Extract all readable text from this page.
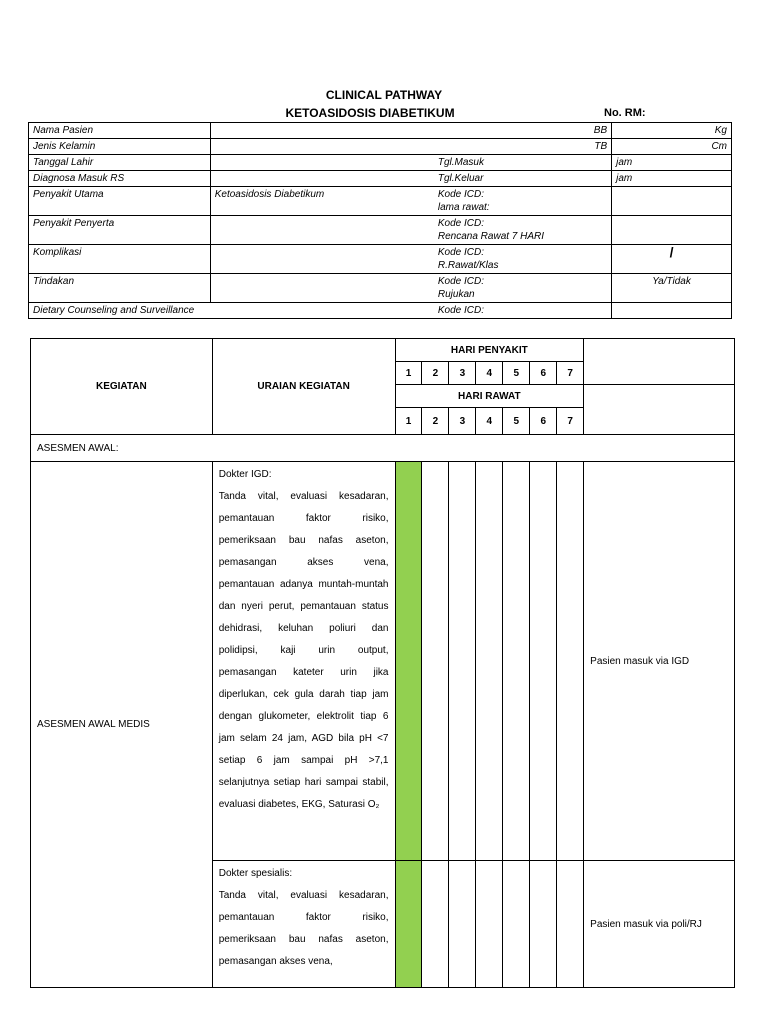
CLINICAL PATHWAY
KETOASIDOSIS DIABETIKUM	No. RM:
Nama Pasien	BB		Kg
Jenis Kelamin	TB		Cm
Tanggal Lahir		Tgl.Masuk	jam
Diagnosa Masuk RS		Tgl.Keluar	jam
Penyakit Utama	Ketoasidosis Diabetikum	Kode ICD:
lama rawat:	
Penyakit Penyerta		Kode ICD:
Rencana Rawat 7 HARI	
Komplikasi		Kode ICD:
R.Rawat/Klas	/
Tindakan		Kode ICD:
Rujukan	Ya/Tidak
Dietary Counseling and Surveillance		Kode ICD:	
KEGIATAN	URAIAN KEGIATAN	HARI PENYAKIT							
		1	2	3	4	5	6	7	
		HARI RAWAT							
		1	2	3	4	5	6	7	
ASESMEN AWAL:									
ASESMEN AWAL MEDIS	Dokter IGD:
Tanda vital, evaluasi kesadaran, pemantauan faktor risiko, pemeriksaan bau nafas aseton, pemasangan akses vena, pemantauan adanya muntah-muntah dan nyeri perut, pemantauan status dehidrasi, keluhan poliuri dan polidipsi, kaji urin output, pemasangan kateter urin jika diperlukan, cek gula darah tiap jam dengan glukometer, elektrolit tiap 6 jam selam 24 jam, AGD bila pH <7 setiap 6 jam sampai pH >7,1 selanjutnya setiap hari sampai stabil, evaluasi diabetes, EKG, Saturasi O₂								Pasien masuk via IGD

	Dokter spesialis:
Tanda vital, evaluasi kesadaran, pemantauan faktor risiko, pemeriksaan bau nafas aseton, pemasangan akses vena,								Pasien masuk via poli/RJ
